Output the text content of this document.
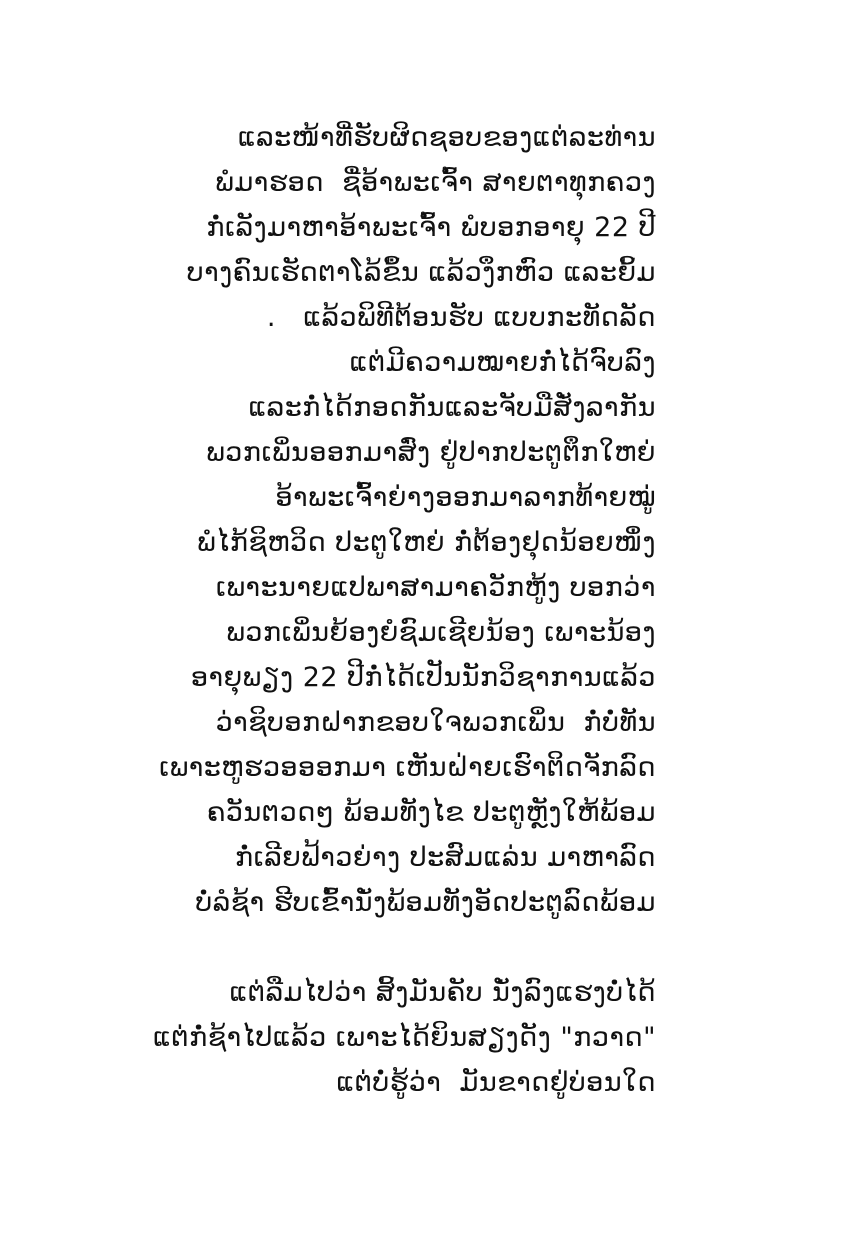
ແລະໜ້າທີ່ຮັບຜິດຊອບຂອງແຕ່ລະທ່ານ
ພໍມາຮອດ  ຊື່ອ້າພະເຈົ້າ ສາຍຕາທຸກຄວງ
ກໍ່ເລັງມາຫາອ້າພະເຈົ້າ ພໍບອກອາຍຸ 22 ປີ
ບາງຄົນເຮັດຕາໂລ້ຂຶ້ນ ແລ້ວງຶກຫົວ ແລະຍິ້ມ
.   ແລ້ວພິທີຕ້ອນຮັບ ແບບກະທັດລັດ
ແຕ່ມີຄວາມໝາຍກໍ່ໄດ້ຈົບລົງ
ແລະກໍ່ໄດ້ກອດກັນແລະຈັບມືສັ່ງລາກັນ
ພວກເພິ່ນອອກມາສົ່ງ ຢູ່ປາກປະຕູຕຶກໃຫຍ່
ອ້າພະເຈົ້າຍ່າງອອກມາລາກທ້າຍໝູ່
ພໍໄກ້ຊິຫວິດ ປະຕູໃຫຍ່ ກໍ່ຕ້ອງຢຸດນ້ອຍໜຶ່ງ
ເພາະນາຍແປພາສາມາຄວັກຫູ້ງ ບອກວ່າ
ພວກເພິ່ນຍ້ອງຍໍຊົມເຊີຍນ້ອງ ເພາະນ້ອງ
ອາຍຸພຽງ 22 ປີກໍ່ໄດ້ເປັນນັກວິຊາການແລ້ວ
ວ່າຊິບອກຝາກຂອບໃຈພວກເພິ່ນ  ກໍ່ບໍ່ທັນ
ເພາະຫູຮວອອອກມາ ເຫັນຝ່າຍເຮົາຕິດຈັກລົດ
ຄວັນຕວດໆ ພ້ອມທັງໄຂ ປະຕູຫຼັງໃຫ້ພ້ອມ
ກໍ່ເລີຍຟ້າວຍ່າງ ປະສົມແລ່ນ ມາຫາລົດ
ບໍ່ລໍຊ້າ ຮີບເຂົ້ານັ່ງພ້ອມທັງອັດປະຕູລົດພ້ອມ
ແຕ່ລືມໄປວ່າ ສິ້ງມັນຄັບ ນັ່ງລົງແຮງບໍ່ໄດ້
ແຕ່ກໍ່ຊ້າໄປແລ້ວ ເພາະໄດ້ຍິນສຽງດັງ "ກວາດ"
ແຕ່ບໍ່ຮູ້ວ່າ  ມັນຂາດຢູ່ບ່ອນໃດ
